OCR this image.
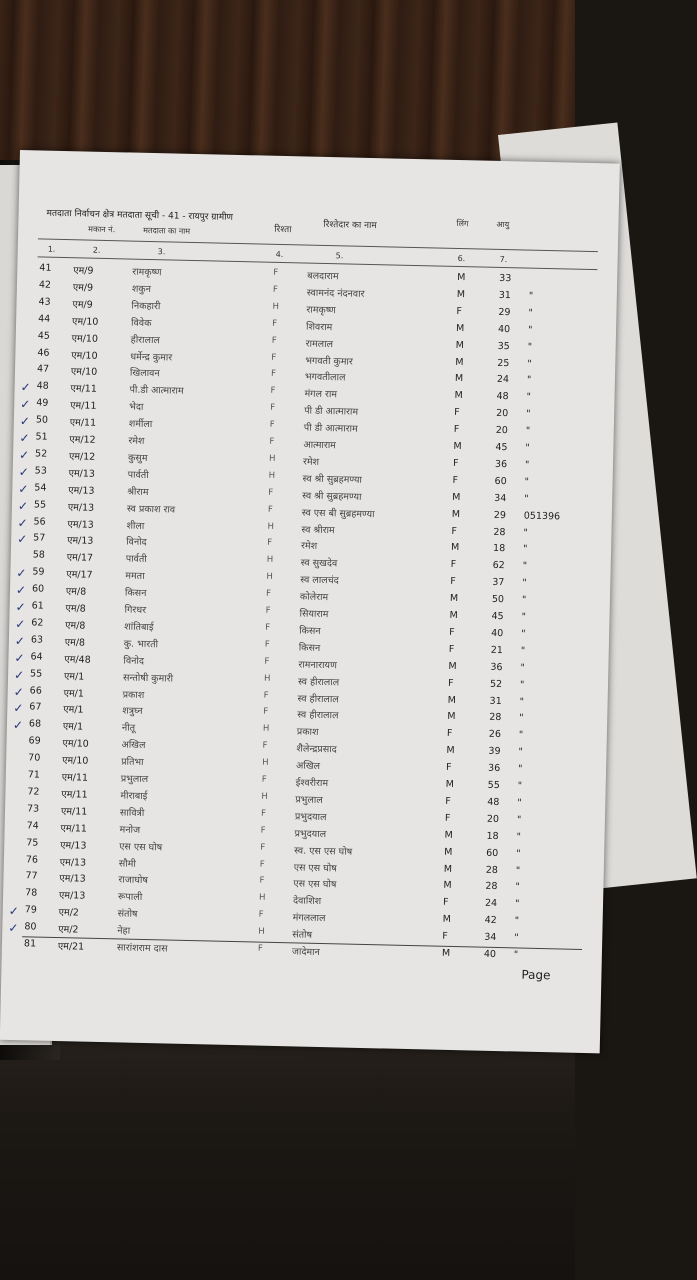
मतदाता निर्वाचन क्षेत्र मतदाता सूची - 41 - रायपुर ग्रामीण
मकान नं.	मतदाता का नाम	रिश्ता	रिश्तेदार का नाम	लिंग	आयु
1.	2.	3.	4.	5.	6.	7.
41	एम/9	रामकृष्ण	F	बलदाराम	M	33
42	एम/9	शकुन	F	स्वामनंद नंदनवार	M	31 "
43	एम/9	निकहारी	H	रामकृष्ण	F	29 "
44	एम/10	विवेक	F	शिवराम	M	40 "
45	एम/10	हीरालाल	F	रामलाल	M	35 "
46	एम/10	धर्मेन्द्र कुमार	F	भगवती कुमार	M	25 "
47	एम/10	खिलावन	F	भगवतीलाल	M	24 "
✓ 48	एम/11	पी.डी आत्माराम	F	मंगल राम	M	48 "
✓ 49	एम/11	भेदा	F	पी डी आत्माराम	F	20 "
✓ 50	एम/11	शर्मीला	F	पी डी आत्माराम	F	20 "
✓ 51	एम/12	रमेश	F	आत्माराम	M	45 "
✓ 52	एम/12	कुसुम	H	रमेश	F	36 "
✓ 53	एम/13	पार्वती	H	स्व श्री सुब्रहमण्या	F	60 "
✓ 54	एम/13	श्रीराम	F	स्व श्री सुब्रहमण्या	M	34 "
✓ 55	एम/13	स्व प्रकाश राव	F	स्व एस बी सुब्रहमण्या	M	29 051396
✓ 56	एम/13	शीला	H	स्व श्रीराम	F	28 "
✓ 57	एम/13	विनोद	F	रमेश	M	18 "
58	एम/17	पार्वती	H	स्व सुखदेव	F	62 "
✓ 59	एम/17	ममता	H	स्व लालचंद	F	37 "
✓ 60	एम/8	किसन	F	कोलेराम	M	50 "
✓ 61	एम/8	गिरधर	F	सियाराम	M	45 "
✓ 62	एम/8	शांतिबाई	F	किसन	F	40 "
✓ 63	एम/8	कु. भारती	F	किसन	F	21 "
✓ 64	एम/48	विनोद	F	रामनारायण	M	36 "
✓ 55	एम/1	सन्तोषी कुमारी	H	स्व हीरालाल	F	52 "
✓ 66	एम/1	प्रकाश	F	स्व हीरालाल	M	31 "
✓ 67	एम/1	शत्रुघ्न	F	स्व हीरालाल	M	28 "
✓ 68	एम/1	नीतू	H	प्रकाश	F	26 "
69	एम/10	अखिल	F	शैलेन्द्रप्रसाद	M	39 "
70	एम/10	प्रतिभा	H	अखिल	F	36 "
71	एम/11	प्रभुलाल	F	ईश्वरीराम	M	55 "
72	एम/11	मीराबाई	H	प्रभुलाल	F	48 "
73	एम/11	सावित्री	F	प्रभुदयाल	F	20 "
74	एम/11	मनोज	F	प्रभुदयाल	M	18 "
75	एम/13	एस एस घोष	F	स्व. एस एस घोष	M	60 "
76	एम/13	सौमी	F	एस एस घोष	M	28 "
77	एम/13	राजाघोष	F	एस एस घोष	M	28 "
78	एम/13	रूपाली	H	देवाशिश	F	24 "
✓ 79	एम/2	संतोष	F	मंगललाल	M	42 "
✓ 80	एम/2	नेहा	H	संतोष	F	34 "
81	एम/21	सारांशराम दास	F	जादेमान	M	40 "
Page
